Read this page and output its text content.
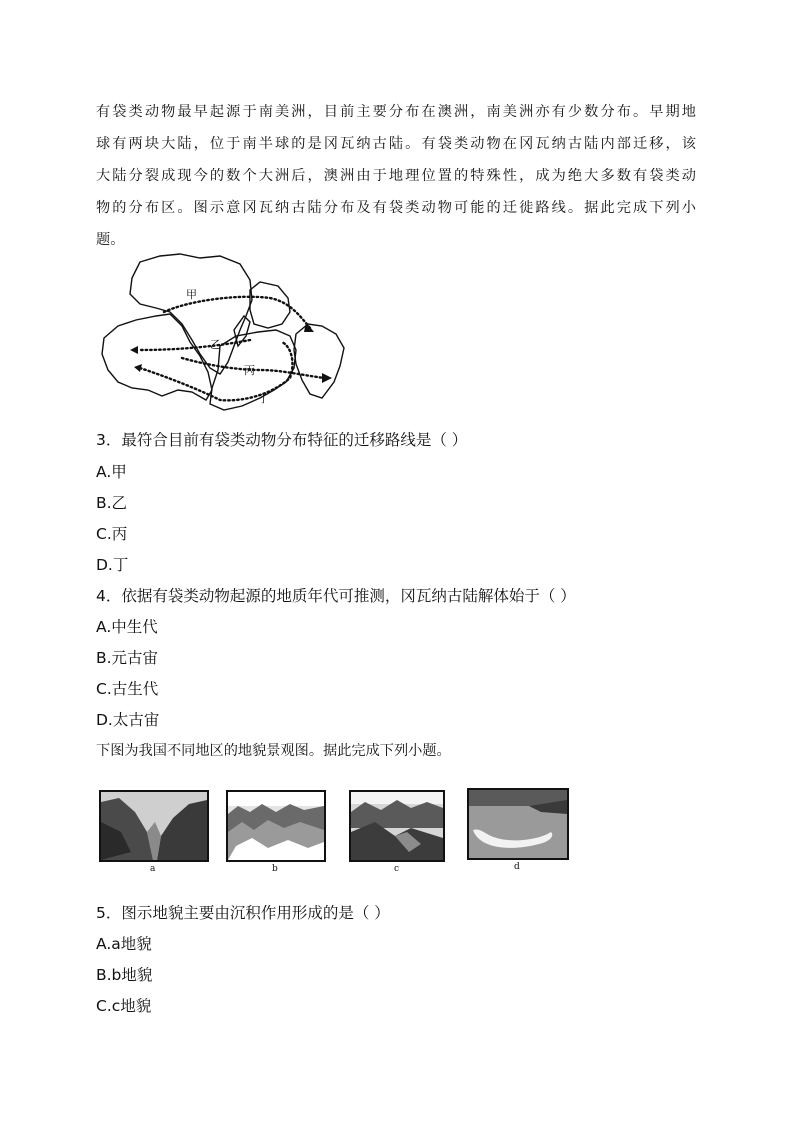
有袋类动物最早起源于南美洲，目前主要分布在澳洲，南美洲亦有少数分布。早期地
球有两块大陆，位于南半球的是冈瓦纳古陆。有袋类动物在冈瓦纳古陆内部迁移，该
大陆分裂成现今的数个大洲后，澳洲由于地理位置的特殊性，成为绝大多数有袋类动
物的分布区。图示意冈瓦纳古陆分布及有袋类动物可能的迁徙路线。据此完成下列小
题。
甲
乙
丙
丁
3．最符合目前有袋类动物分布特征的迁移路线是（ ）
A.甲
B.乙
C.丙
D.丁
4．依据有袋类动物起源的地质年代可推测，冈瓦纳古陆解体始于（ ）
A.中生代
B.元古宙
C.古生代
D.太古宙
下图为我国不同地区的地貌景观图。据此完成下列小题。
a	b	c	d
5．图示地貌主要由沉积作用形成的是（ ）
A.a地貌
B.b地貌
C.c地貌
